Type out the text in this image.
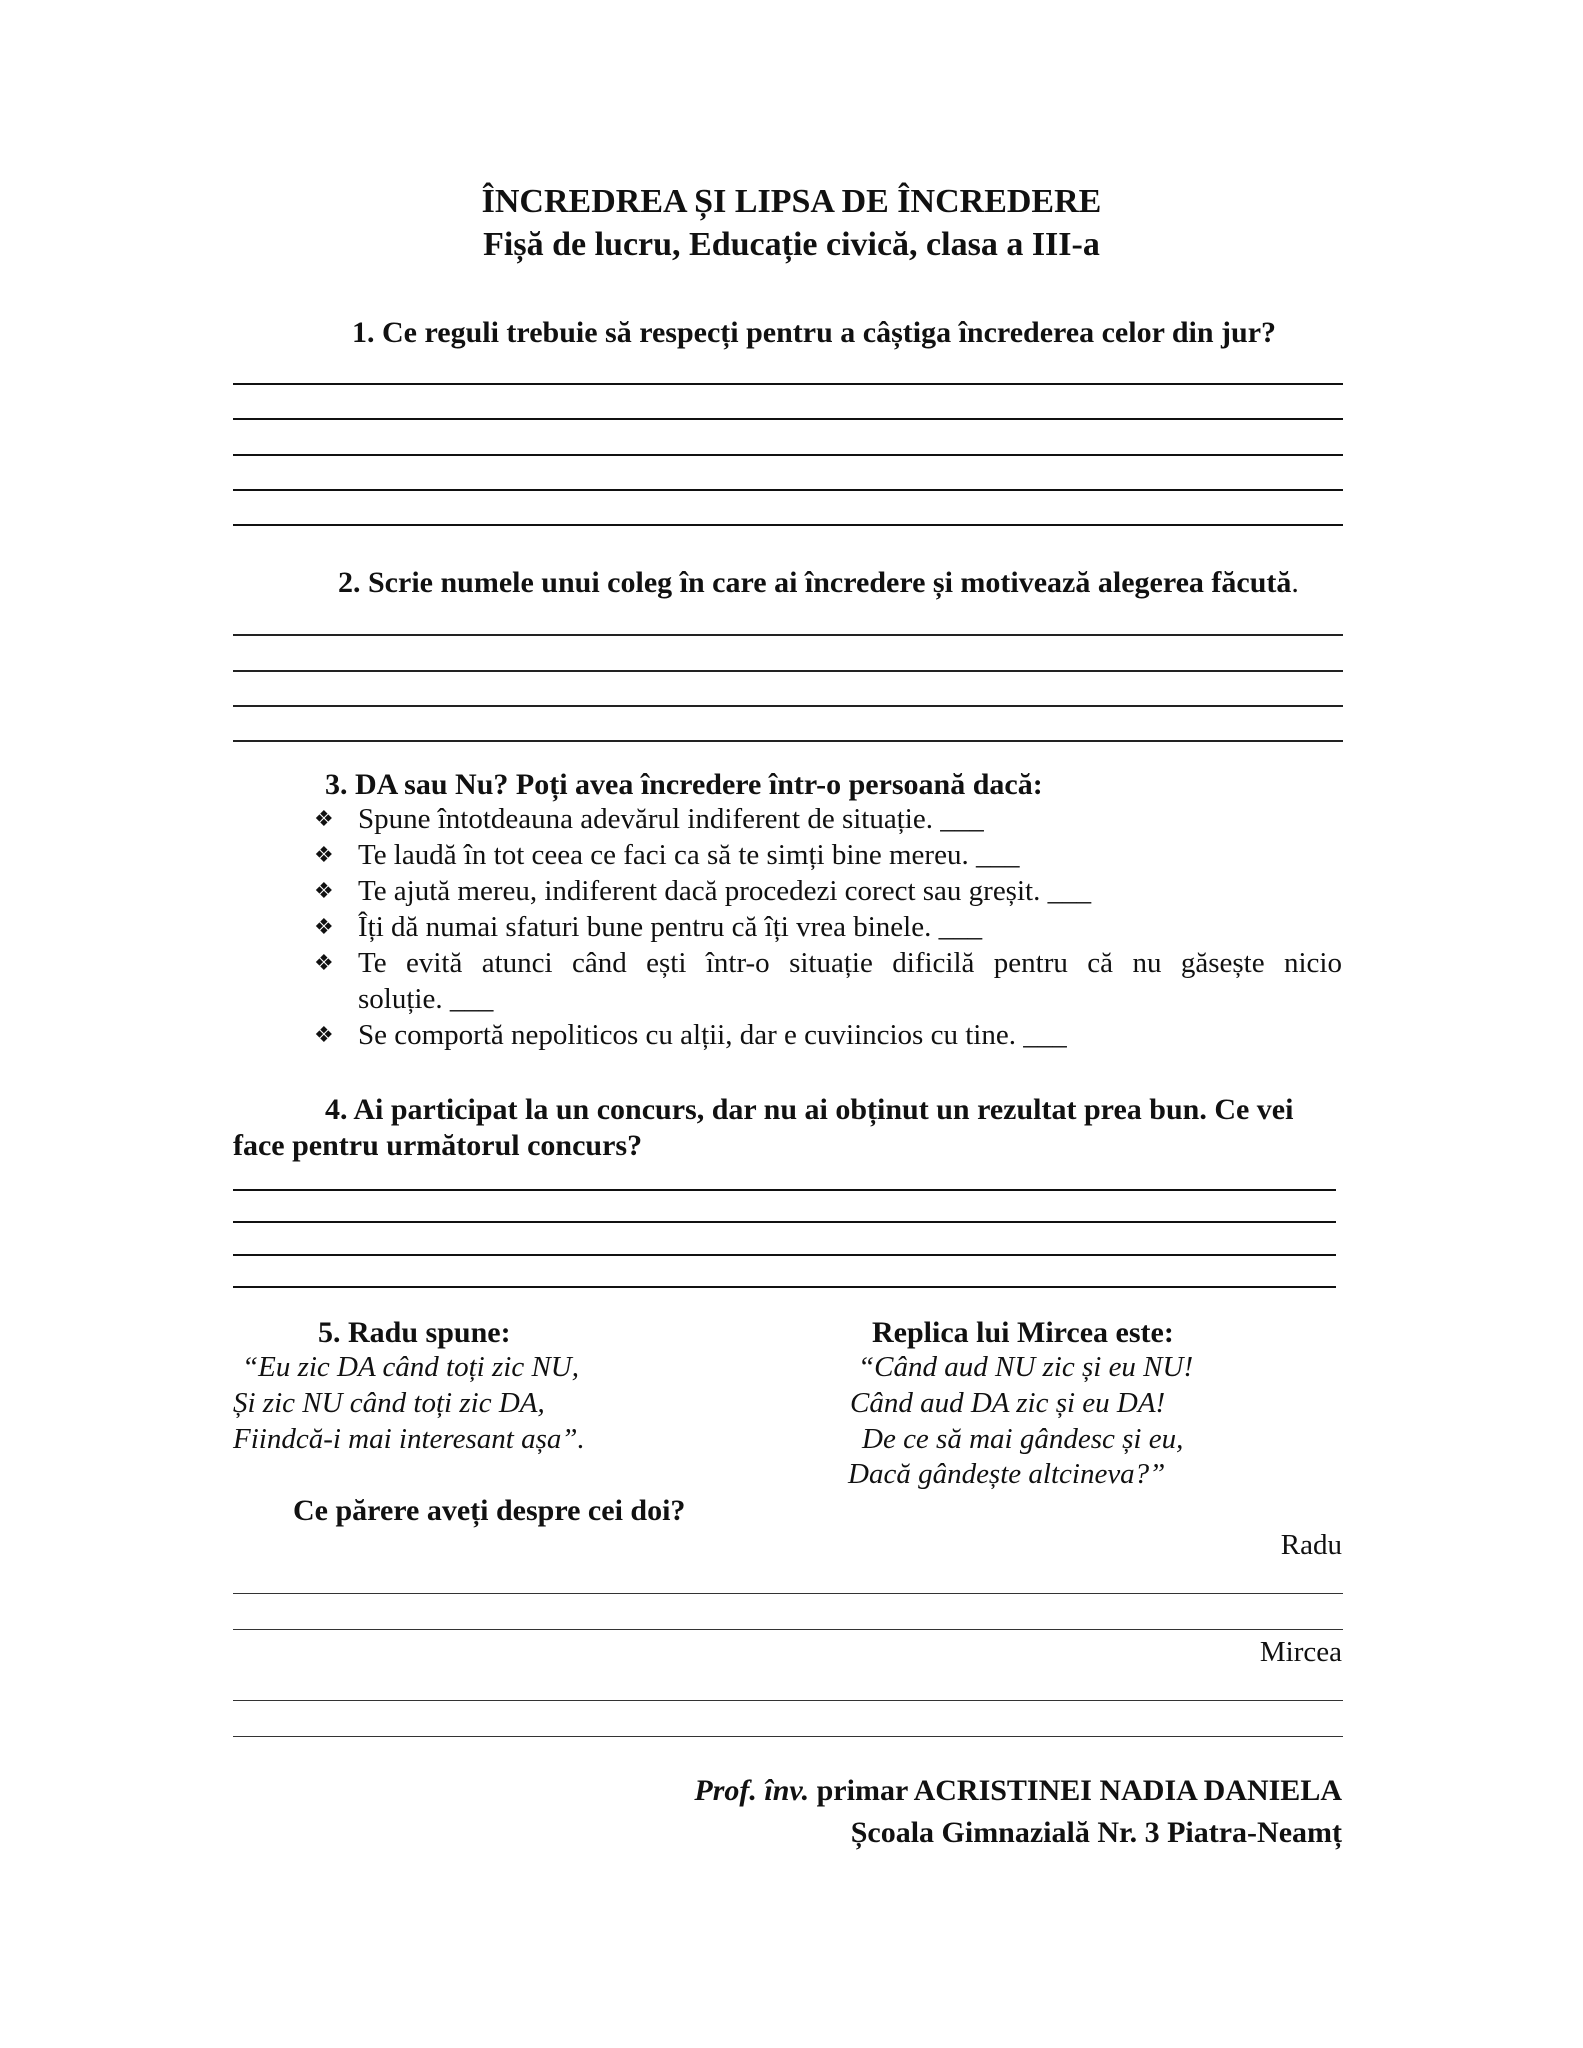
ÎNCREDREA ȘI LIPSA DE ÎNCREDERE
Fișă de lucru, Educație civică, clasa a III-a
1. Ce reguli trebuie să respecți pentru a câștiga încrederea celor din jur?
2. Scrie numele unui coleg în care ai încredere și motivează alegerea făcută.
3. DA sau Nu? Poți avea încredere într-o persoană dacă:
❖ Spune întotdeauna adevărul indiferent de situație. ___
❖ Te laudă în tot ceea ce faci ca să te simți bine mereu. ___
❖ Te ajută mereu, indiferent dacă procedezi corect sau greșit. ___
❖ Îți dă numai sfaturi bune pentru că îți vrea binele. ___
❖ Te evită atunci când ești într-o situație dificilă pentru că nu găsește nicio
soluție. ___
❖ Se comportă nepoliticos cu alții, dar e cuviincios cu tine. ___
4. Ai participat la un concurs, dar nu ai obținut un rezultat prea bun. Ce vei
face pentru următorul concurs?
5. Radu spune:
“Eu zic DA când toți zic NU,
Și zic NU când toți zic DA,
Fiindcă-i mai interesant așa”.
Replica lui Mircea este:
“Când aud NU zic și eu NU!
Când aud DA zic și eu DA!
De ce să mai gândesc și eu,
Dacă gândește altcineva?”
Ce părere aveți despre cei doi?
Radu
Mircea
Prof. înv. primar ACRISTINEI NADIA DANIELA
Școala Gimnazială Nr. 3 Piatra-Neamț
